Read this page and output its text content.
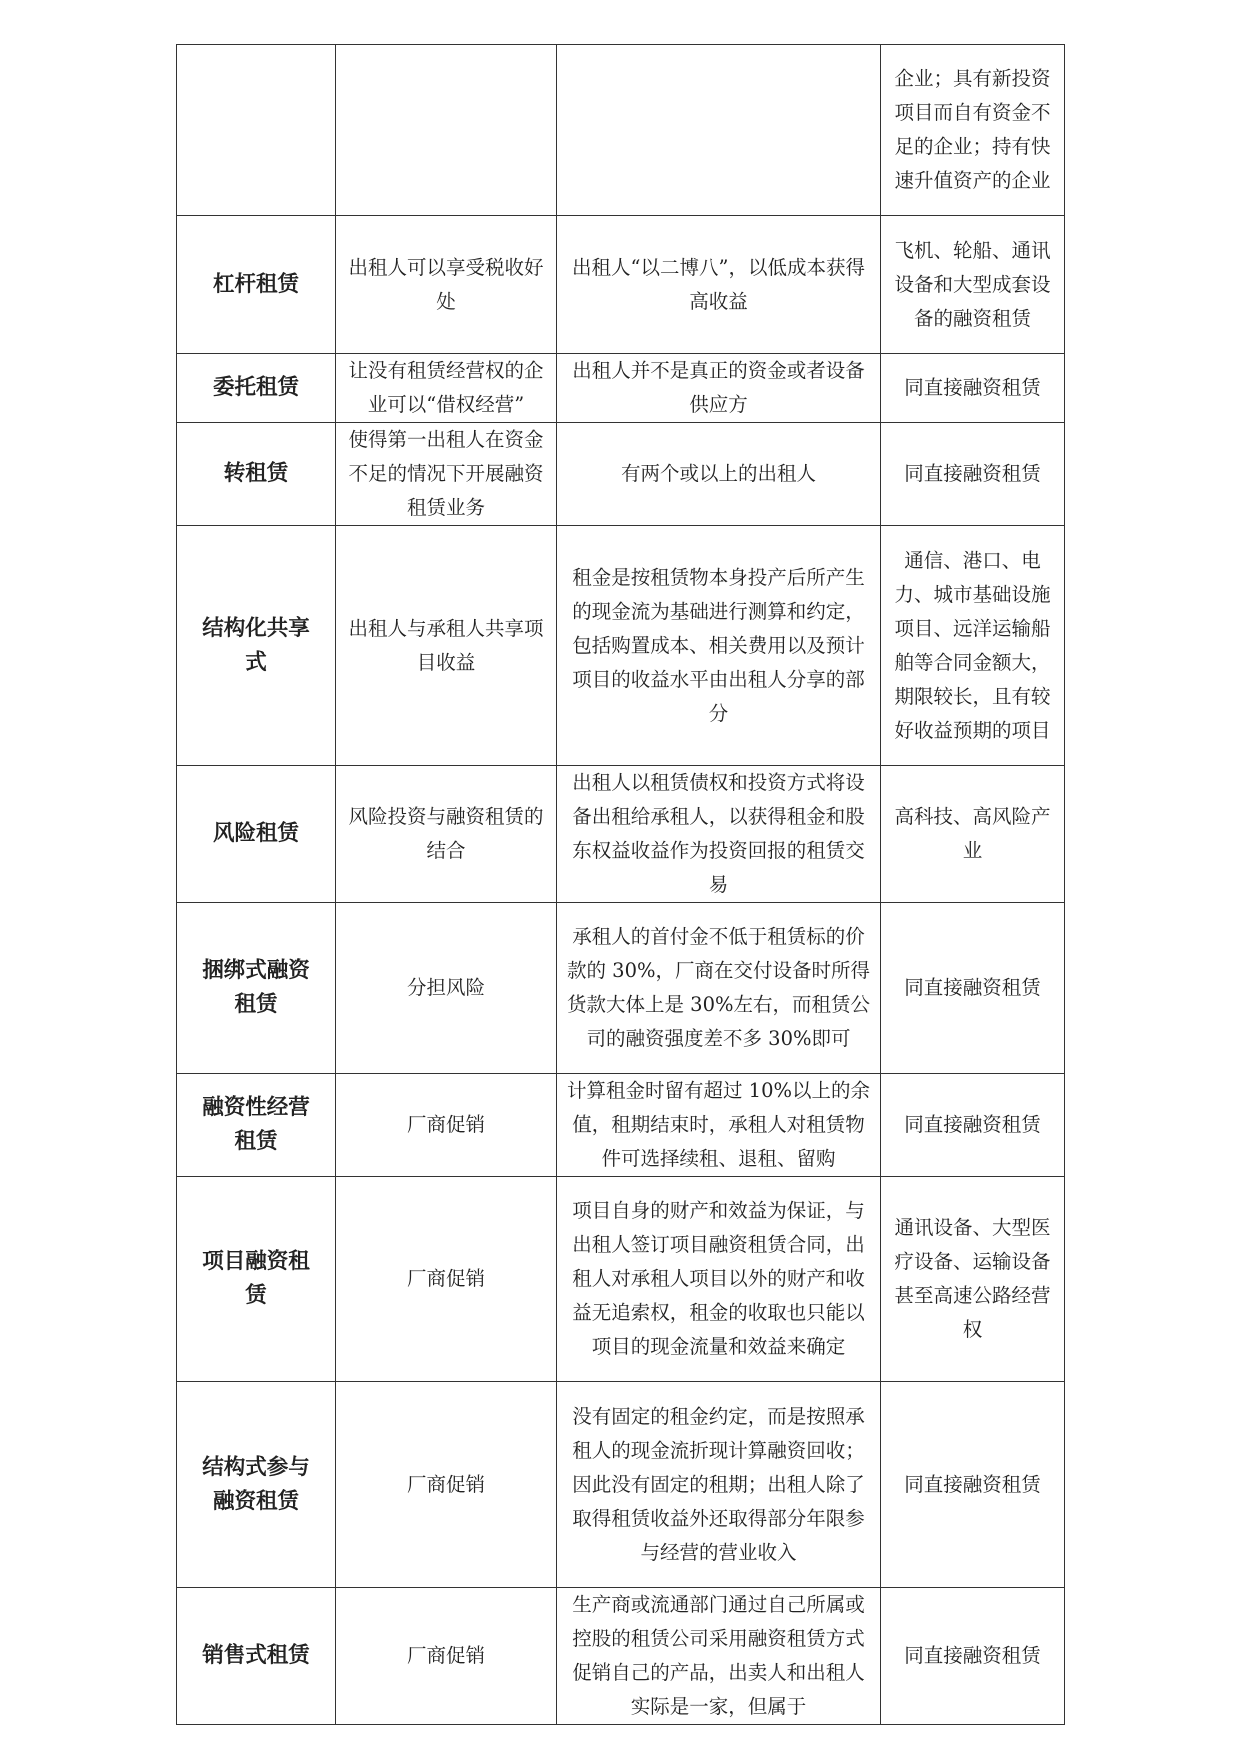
			企业；具有新投资项目而自有资金不足的企业；持有快速升值资产的企业
杠杆租赁	出租人可以享受税收好处	出租人“以二博八”，以低成本获得高收益	飞机、轮船、通讯设备和大型成套设备的融资租赁
委托租赁	让没有租赁经营权的企业可以“借权经营”	出租人并不是真正的资金或者设备供应方	同直接融资租赁
转租赁	使得第一出租人在资金不足的情况下开展融资租赁业务	有两个或以上的出租人	同直接融资租赁
结构化共享式	出租人与承租人共享项目收益	租金是按租赁物本身投产后所产生的现金流为基础进行测算和约定，包括购置成本、相关费用以及预计项目的收益水平由出租人分享的部分	通信、港口、电力、城市基础设施项目、远洋运输船舶等合同金额大，期限较长，且有较好收益预期的项目
风险租赁	风险投资与融资租赁的结合	出租人以租赁债权和投资方式将设备出租给承租人，以获得租金和股东权益收益作为投资回报的租赁交易	高科技、高风险产业
捆绑式融资租赁	分担风险	承租人的首付金不低于租赁标的价款的 30%，厂商在交付设备时所得货款大体上是 30%左右，而租赁公司的融资强度差不多 30%即可	同直接融资租赁
融资性经营租赁	厂商促销	计算租金时留有超过 10%以上的余值，租期结束时，承租人对租赁物件可选择续租、退租、留购	同直接融资租赁
项目融资租赁	厂商促销	项目自身的财产和效益为保证，与出租人签订项目融资租赁合同，出租人对承租人项目以外的财产和收益无追索权，租金的收取也只能以项目的现金流量和效益来确定	通讯设备、大型医疗设备、运输设备甚至高速公路经营权
结构式参与融资租赁	厂商促销	没有固定的租金约定，而是按照承租人的现金流折现计算融资回收；因此没有固定的租期；出租人除了取得租赁收益外还取得部分年限参与经营的营业收入	同直接融资租赁
销售式租赁	厂商促销	生产商或流通部门通过自己所属或控股的租赁公司采用融资租赁方式促销自己的产品，出卖人和出租人实际是一家，但属于	同直接融资租赁
